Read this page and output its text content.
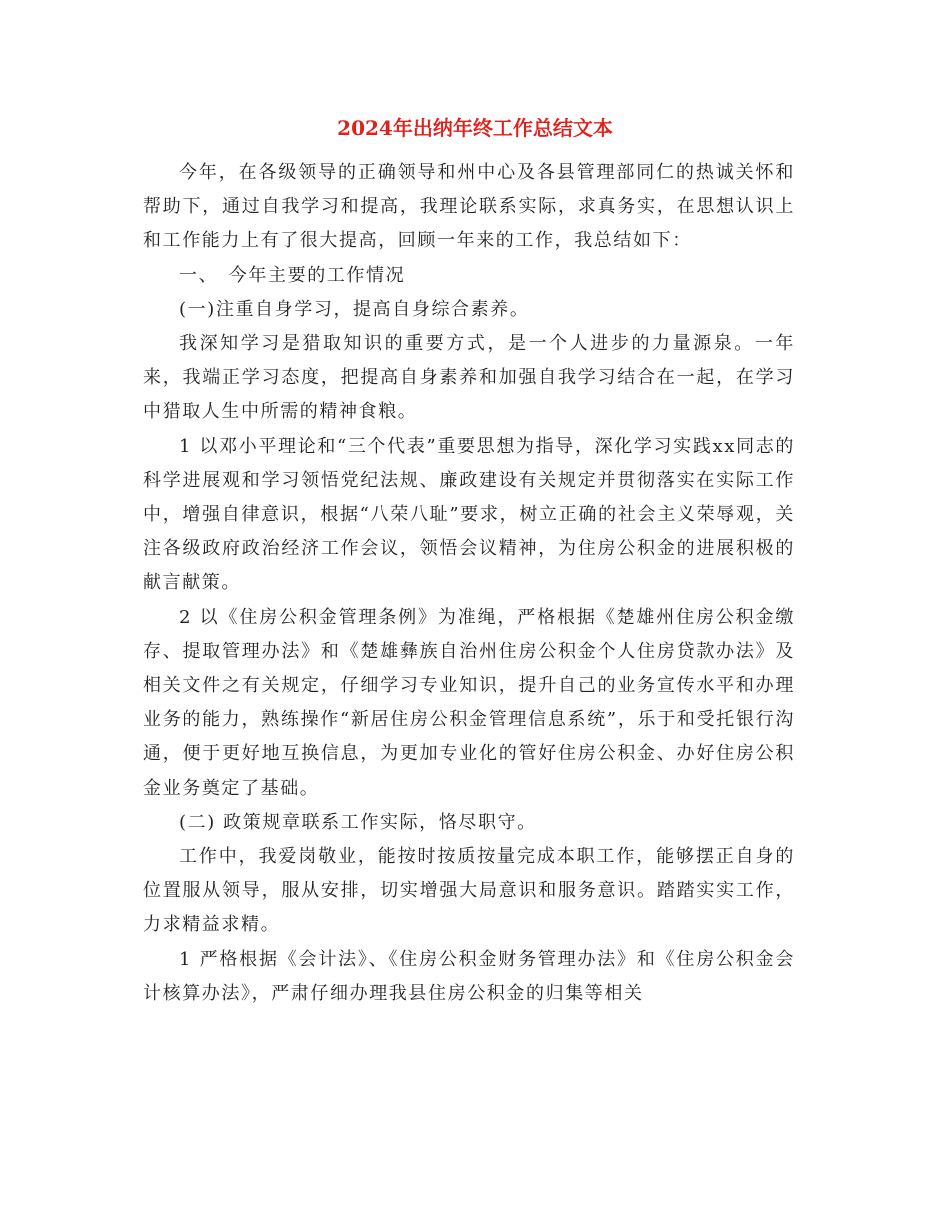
2024年出纳年终工作总结文本

今年，在各级领导的正确领导和州中心及各县管理部同仁的热诚关怀和帮助下，通过自我学习和提高，我理论联系实际，求真务实，在思想认识上和工作能力上有了很大提高，回顾一年来的工作，我总结如下：

一、　今年主要的工作情况

(一)注重自身学习，提高自身综合素养。

我深知学习是猎取知识的重要方式，是一个人进步的力量源泉。一年来，我端正学习态度，把提高自身素养和加强自我学习结合在一起，在学习中猎取人生中所需的精神食粮。

1 以邓小平理论和“三个代表”重要思想为指导，深化学习实践xx同志的科学进展观和学习领悟党纪法规、廉政建设有关规定并贯彻落实在实际工作中，增强自律意识，根据“八荣八耻”要求，树立正确的社会主义荣辱观，关注各级政府政治经济工作会议，领悟会议精神，为住房公积金的进展积极的献言献策。

2 以《住房公积金管理条例》为准绳，严格根据《楚雄州住房公积金缴存、提取管理办法》和《楚雄彝族自治州住房公积金个人住房贷款办法》及相关文件之有关规定，仔细学习专业知识，提升自己的业务宣传水平和办理业务的能力，熟练操作“新居住房公积金管理信息系统”，乐于和受托银行沟通，便于更好地互换信息，为更加专业化的管好住房公积金、办好住房公积金业务奠定了基础。

(二) 政策规章联系工作实际，恪尽职守。

工作中，我爱岗敬业，能按时按质按量完成本职工作，能够摆正自身的位置服从领导，服从安排，切实增强大局意识和服务意识。踏踏实实工作，力求精益求精。

1 严格根据《会计法》、《住房公积金财务管理办法》和《住房公积金会计核算办法》，严肃仔细办理我县住房公积金的归集等相关
